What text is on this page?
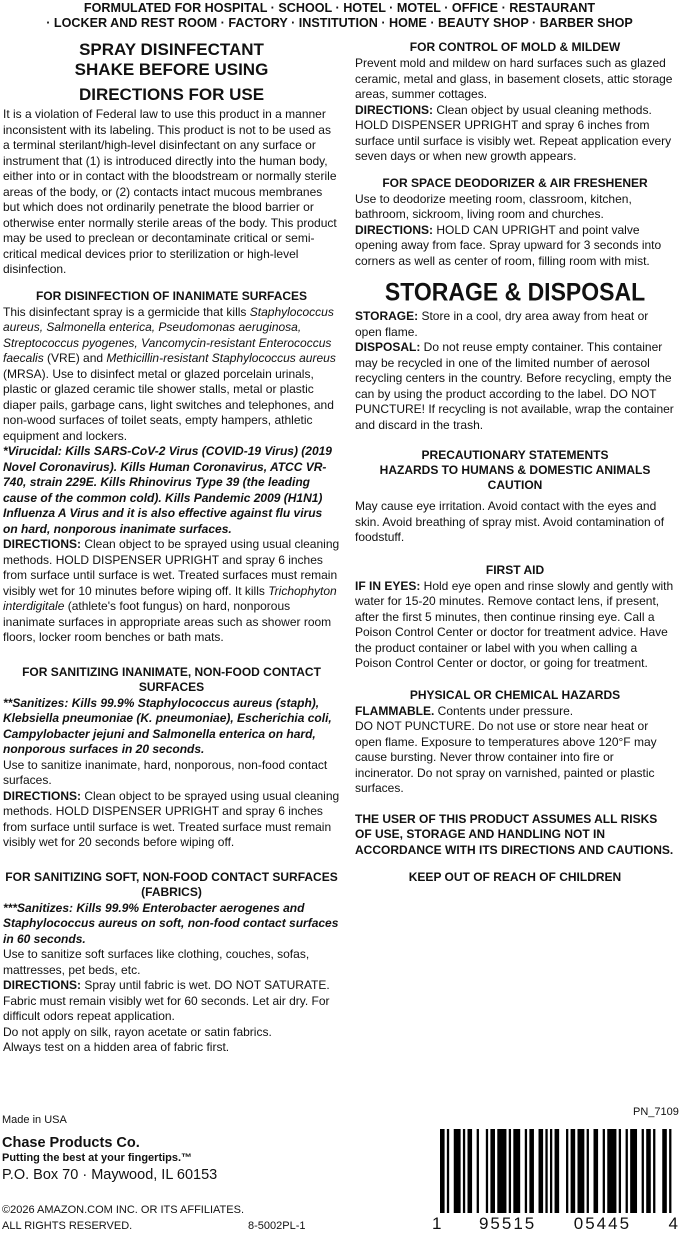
FORMULATED FOR HOSPITAL · SCHOOL · HOTEL · MOTEL · OFFICE · RESTAURANT
· LOCKER AND REST ROOM · FACTORY · INSTITUTION · HOME · BEAUTY SHOP · BARBER SHOP
SPRAY DISINFECTANT
SHAKE BEFORE USING
DIRECTIONS FOR USE

It is a violation of Federal law to use this product in a manner inconsistent with its labeling. This product is not to be used as a terminal sterilant/high-level disinfectant on any surface or instrument that (1) is introduced directly into the human body, either into or in contact with the bloodstream or normally sterile areas of the body, or (2) contacts intact mucous membranes but which does not ordinarily penetrate the blood barrier or otherwise enter normally sterile areas of the body. This product may be used to preclean or decontaminate critical or semi-critical medical devices prior to sterilization or high-level disinfection.

FOR DISINFECTION OF INANIMATE SURFACES

This disinfectant spray is a germicide that kills Staphylococcus aureus, Salmonella enterica, Pseudomonas aeruginosa, Streptococcus pyogenes, Vancomycin-resistant Enterococcus faecalis (VRE) and Methicillin-resistant Staphylococcus aureus (MRSA). Use to disinfect metal or glazed porcelain urinals, plastic or glazed ceramic tile shower stalls, metal or plastic diaper pails, garbage cans, light switches and telephones, and non-wood surfaces of toilet seats, empty hampers, athletic equipment and lockers.

*Virucidal: Kills SARS-CoV-2 Virus (COVID-19 Virus) (2019 Novel Coronavirus). Kills Human Coronavirus, ATCC VR-740, strain 229E. Kills Rhinovirus Type 39 (the leading cause of the common cold). Kills Pandemic 2009 (H1N1) Influenza A Virus and it is also effective against flu virus on hard, nonporous inanimate surfaces.

DIRECTIONS: Clean object to be sprayed using usual cleaning methods. HOLD DISPENSER UPRIGHT and spray 6 inches from surface until surface is wet. Treated surfaces must remain visibly wet for 10 minutes before wiping off. It kills Trichophyton interdigitale (athlete's foot fungus) on hard, nonporous inanimate surfaces in appropriate areas such as shower room floors, locker room benches or bath mats.

FOR SANITIZING INANIMATE, NON-FOOD CONTACT SURFACES

**Sanitizes: Kills 99.9% Staphylococcus aureus (staph), Klebsiella pneumoniae (K. pneumoniae), Escherichia coli, Campylobacter jejuni and Salmonella enterica on hard, nonporous surfaces in 20 seconds.

Use to sanitize inanimate, hard, nonporous, non-food contact surfaces.

DIRECTIONS: Clean object to be sprayed using usual cleaning methods. HOLD DISPENSER UPRIGHT and spray 6 inches from surface until surface is wet. Treated surface must remain visibly wet for 20 seconds before wiping off.

FOR SANITIZING SOFT, NON-FOOD CONTACT SURFACES (FABRICS)

***Sanitizes: Kills 99.9% Enterobacter aerogenes and Staphylococcus aureus on soft, non-food contact surfaces in 60 seconds.

Use to sanitize soft surfaces like clothing, couches, sofas, mattresses, pet beds, etc.

DIRECTIONS: Spray until fabric is wet. DO NOT SATURATE. Fabric must remain visibly wet for 60 seconds. Let air dry. For difficult odors repeat application.

Do not apply on silk, rayon acetate or satin fabrics.

Always test on a hidden area of fabric first.

FOR CONTROL OF MOLD & MILDEW

Prevent mold and mildew on hard surfaces such as glazed ceramic, metal and glass, in basement closets, attic storage areas, summer cottages.

DIRECTIONS: Clean object by usual cleaning methods. HOLD DISPENSER UPRIGHT and spray 6 inches from surface until surface is visibly wet. Repeat application every seven days or when new growth appears.

FOR SPACE DEODORIZER & AIR FRESHENER

Use to deodorize meeting room, classroom, kitchen, bathroom, sickroom, living room and churches.

DIRECTIONS: HOLD CAN UPRIGHT and point valve opening away from face. Spray upward for 3 seconds into corners as well as center of room, filling room with mist.

STORAGE & DISPOSAL

STORAGE: Store in a cool, dry area away from heat or open flame.

DISPOSAL: Do not reuse empty container. This container may be recycled in one of the limited number of aerosol recycling centers in the country. Before recycling, empty the can by using the product according to the label. DO NOT PUNCTURE! If recycling is not available, wrap the container and discard in the trash.

PRECAUTIONARY STATEMENTS
HAZARDS TO HUMANS & DOMESTIC ANIMALS
CAUTION

May cause eye irritation. Avoid contact with the eyes and skin. Avoid breathing of spray mist. Avoid contamination of foodstuff.

FIRST AID

IF IN EYES: Hold eye open and rinse slowly and gently with water for 15-20 minutes. Remove contact lens, if present, after the first 5 minutes, then continue rinsing eye. Call a Poison Control Center or doctor for treatment advice. Have the product container or label with you when calling a Poison Control Center or doctor, or going for treatment.

PHYSICAL OR CHEMICAL HAZARDS

FLAMMABLE. Contents under pressure.

DO NOT PUNCTURE. Do not use or store near heat or open flame. Exposure to temperatures above 120°F may cause bursting. Never throw container into fire or incinerator. Do not spray on varnished, painted or plastic surfaces.

THE USER OF THIS PRODUCT ASSUMES ALL RISKS OF USE, STORAGE AND HANDLING NOT IN ACCORDANCE WITH ITS DIRECTIONS AND CAUTIONS.

KEEP OUT OF REACH OF CHILDREN
Made in USA
Chase Products Co.
Putting the best at your fingertips.™
P.O. Box 70 · Maywood, IL 60153
©2026 AMAZON.COM INC. OR ITS AFFILIATES.
ALL RIGHTS RESERVED.	8-5002PL-1
PN_7109
1 95515 05445 4
